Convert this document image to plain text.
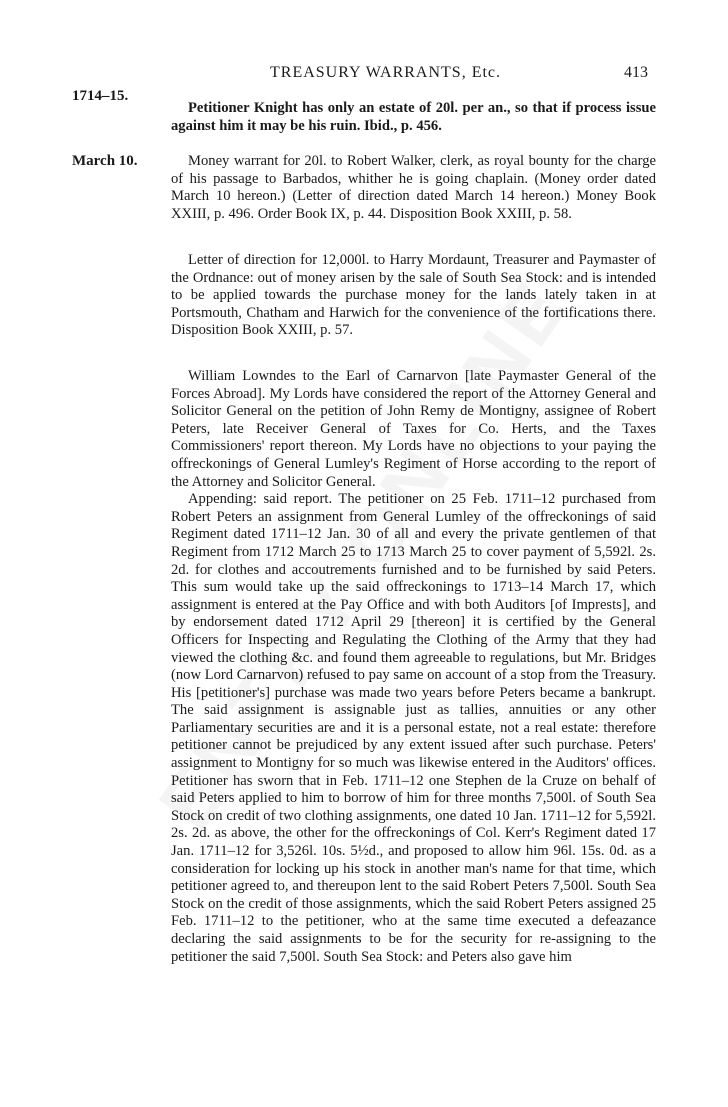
TREASURY WARRANTS, Etc.	413
1714–15.
March 10.

Petitioner Knight has only an estate of 20l. per an., so that if process issue against him it may be his ruin. Ibid., p. 456.

Money warrant for 20l. to Robert Walker, clerk, as royal bounty for the charge of his passage to Barbados, whither he is going chaplain. (Money order dated March 10 hereon.) (Letter of direction dated March 14 hereon.) Money Book XXIII, p. 496. Order Book IX, p. 44. Disposition Book XXIII, p. 58.

Letter of direction for 12,000l. to Harry Mordaunt, Treasurer and Paymaster of the Ordnance: out of money arisen by the sale of South Sea Stock: and is intended to be applied towards the purchase money for the lands lately taken in at Portsmouth, Chatham and Harwich for the convenience of the fortifications there. Disposition Book XXIII, p. 57.

William Lowndes to the Earl of Carnarvon [late Paymaster General of the Forces Abroad]. My Lords have considered the report of the Attorney General and Solicitor General on the petition of John Remy de Montigny, assignee of Robert Peters, late Receiver General of Taxes for Co. Herts, and the Taxes Commissioners' report thereon. My Lords have no objections to your paying the offreckonings of General Lumley's Regiment of Horse according to the report of the Attorney and Solicitor General.

Appending: said report. The petitioner on 25 Feb. 1711–12 purchased from Robert Peters an assignment from General Lumley of the offreckonings of said Regiment dated 1711–12 Jan. 30 of all and every the private gentlemen of that Regiment from 1712 March 25 to 1713 March 25 to cover payment of 5,592l. 2s. 2d. for clothes and accoutrements furnished and to be furnished by said Peters. This sum would take up the said offreckonings to 1713–14 March 17, which assignment is entered at the Pay Office and with both Auditors [of Imprests], and by endorsement dated 1712 April 29 [thereon] it is certified by the General Officers for Inspecting and Regulating the Clothing of the Army that they had viewed the clothing &c. and found them agreeable to regulations, but Mr. Bridges (now Lord Carnarvon) refused to pay same on account of a stop from the Treasury. His [petitioner's] purchase was made two years before Peters became a bankrupt. The said assignment is assignable just as tallies, annuities or any other Parliamentary securities are and it is a personal estate, not a real estate: therefore petitioner cannot be prejudiced by any extent issued after such purchase. Peters' assignment to Montigny for so much was likewise entered in the Auditors' offices. Petitioner has sworn that in Feb. 1711–12 one Stephen de la Cruze on behalf of said Peters applied to him to borrow of him for three months 7,500l. of South Sea Stock on credit of two clothing assignments, one dated 10 Jan. 1711–12 for 5,592l. 2s. 2d. as above, the other for the offreckonings of Col. Kerr's Regiment dated 17 Jan. 1711–12 for 3,526l. 10s. 5½d., and proposed to allow him 96l. 15s. 0d. as a consideration for locking up his stock in another man's name for that time, which petitioner agreed to, and thereupon lent to the said Robert Peters 7,500l. South Sea Stock on the credit of those assignments, which the said Robert Peters assigned 25 Feb. 1711–12 to the petitioner, who at the same time executed a defeazance declaring the said assignments to be for the security for re-assigning to the petitioner the said 7,500l. South Sea Stock: and Peters also gave him
